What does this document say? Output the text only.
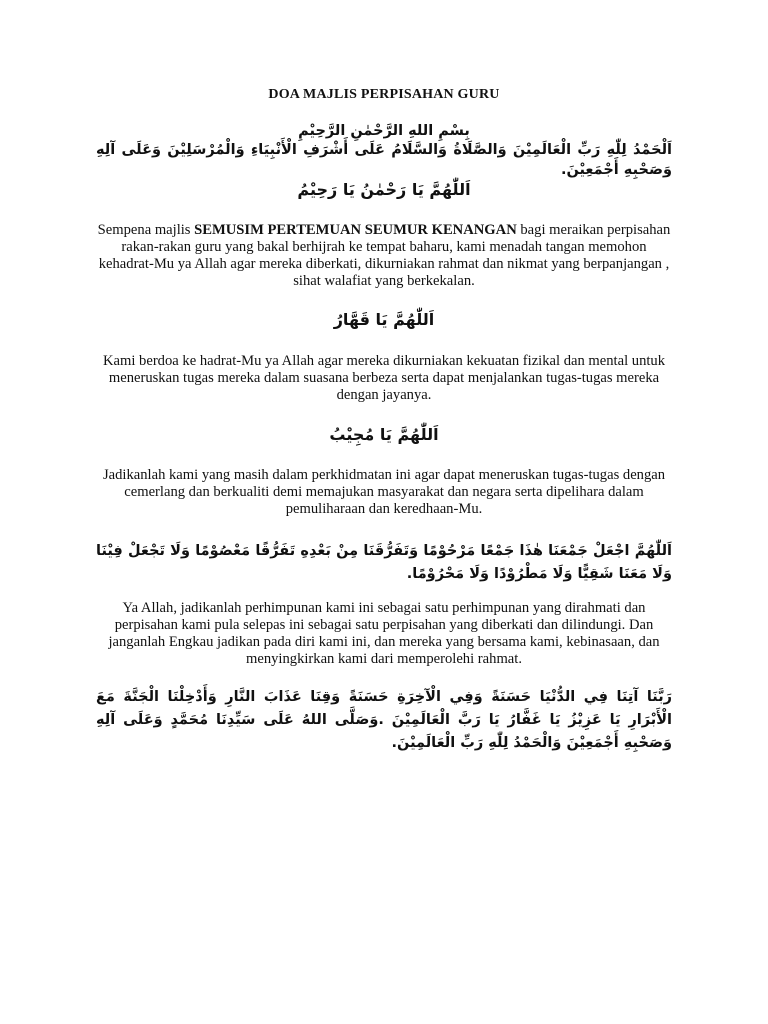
DOA MAJLIS PERPISAHAN GURU
بِسْمِ اللهِ الرَّحْمٰنِ الرَّحِيْمِ
اَلْحَمْدُ لِلّٰهِ رَبِّ الْعَالَمِيْنَ وَالصَّلَاةُ وَالسَّلَامُ عَلَى أَشْرَفِ الْأَنْبِيَاءِ وَالْمُرْسَلِيْنَ وَعَلَى آلِهِ وَصَحْبِهِ أَجْمَعِيْنَ.
اَللّٰهُمَّ يَا رَحْمٰنُ يَا رَحِيْمُ
Sempena majlis SEMUSIM PERTEMUAN SEUMUR KENANGAN bagi meraikan perpisahan rakan-rakan guru yang bakal berhijrah ke tempat baharu, kami menadah tangan memohon kehadrat-Mu ya Allah agar mereka diberkati, dikurniakan rahmat dan nikmat yang berpanjangan , sihat walafiat yang berkekalan.
اَللّٰهُمَّ يَا قَهَّارُ
Kami berdoa ke hadrat-Mu ya Allah agar mereka dikurniakan kekuatan fizikal dan mental untuk meneruskan tugas mereka dalam suasana berbeza serta dapat menjalankan tugas-tugas mereka dengan jayanya.
اَللّٰهُمَّ يَا مُجِيْبُ
Jadikanlah kami yang masih dalam perkhidmatan ini agar dapat meneruskan tugas-tugas dengan cemerlang dan berkualiti demi memajukan masyarakat dan negara serta dipelihara dalam pemuliharaan dan keredhaan-Mu.
اَللّٰهُمَّ اجْعَلْ جَمْعَنَا هٰذَا جَمْعًا مَرْحُوْمًا وَتَفَرُّقَنَا مِنْ بَعْدِهِ تَفَرُّقًا مَعْصُوْمًا وَلَا تَجْعَلْ فِيْنَا وَلَا مَعَنَا شَقِيًّا وَلَا مَطْرُوْدًا وَلَا مَحْرُوْمًا.
Ya Allah, jadikanlah perhimpunan kami ini sebagai satu perhimpunan yang dirahmati dan perpisahan kami pula selepas ini sebagai satu perpisahan yang diberkati dan dilindungi. Dan janganlah Engkau jadikan pada diri kami ini, dan mereka yang bersama kami, kebinasaan, dan menyingkirkan kami dari memperolehi rahmat.
رَبَّنَا آتِنَا فِي الدُّنْيَا حَسَنَةً وَفِي الْآخِرَةِ حَسَنَةً وَقِنَا عَذَابَ النَّارِ وَأَدْخِلْنَا الْجَنَّةَ مَعَ الْأَبْرَارِ يَا عَزِيْزُ يَا غَفَّارُ يَا رَبَّ الْعَالَمِيْنَ .وَصَلَّى اللهُ عَلَى سَيِّدِنَا مُحَمَّدٍ وَعَلَى آلِهِ وَصَحْبِهِ أَجْمَعِيْنَ وَالْحَمْدُ لِلّٰهِ رَبِّ الْعَالَمِيْنَ.
